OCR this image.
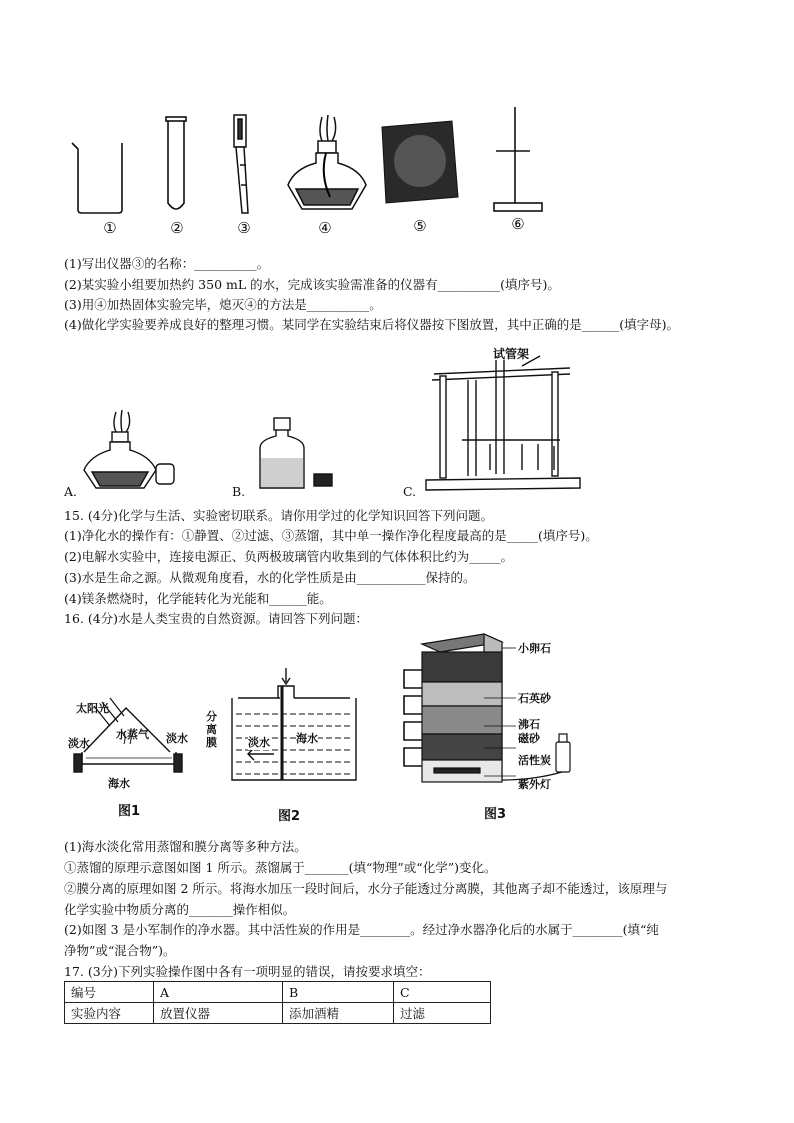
①	②	③	④	⑤	⑥
(1)写出仪器③的名称：__________。
(2)某实验小组要加热约 350 mL 的水，完成该实验需准备的仪器有__________(填序号)。
(3)用④加热固体实验完毕，熄灭④的方法是__________。
(4)做化学实验要养成良好的整理习惯。某同学在实验结束后将仪器按下图放置，其中正确的是______(填字母)。
试管架
A.	B.	C.
15. (4分)化学与生活、实验密切联系。请你用学过的化学知识回答下列问题。
(1)净化水的操作有：①静置、②过滤、③蒸馏，其中单一操作净化程度最高的是_____(填序号)。
(2)电解水实验中，连接电源正、负两极玻璃管内收集到的气体体积比约为_____。
(3)水是生命之源。从微观角度看，水的化学性质是由___________保持的。
(4)镁条燃烧时，化学能转化为光能和______能。
16. (4分)水是人类宝贵的自然资源。请回答下列问题：
太阳光
淡水
水蒸气 淡水
海水
图1
分离膜	淡水 海水
图2
小卵石
石英砂
沸石
磁砂
活性炭
紫外灯
图3
(1)海水淡化常用蒸馏和膜分离等多种方法。
①蒸馏的原理示意图如图 1 所示。蒸馏属于_______(填“物理”或“化学”)变化。
②膜分离的原理如图 2 所示。将海水加压一段时间后，水分子能透过分离膜，其他离子却不能透过，该原理与
化学实验中物质分离的_______操作相似。
(2)如图 3 是小军制作的净水器。其中活性炭的作用是________。经过净水器净化后的水属于________(填“纯
净物”或“混合物”)。
17. (3分)下列实验操作图中各有一项明显的错误，请按要求填空：
编号	A	B	C
实验内容	放置仪器	添加酒精	过滤
